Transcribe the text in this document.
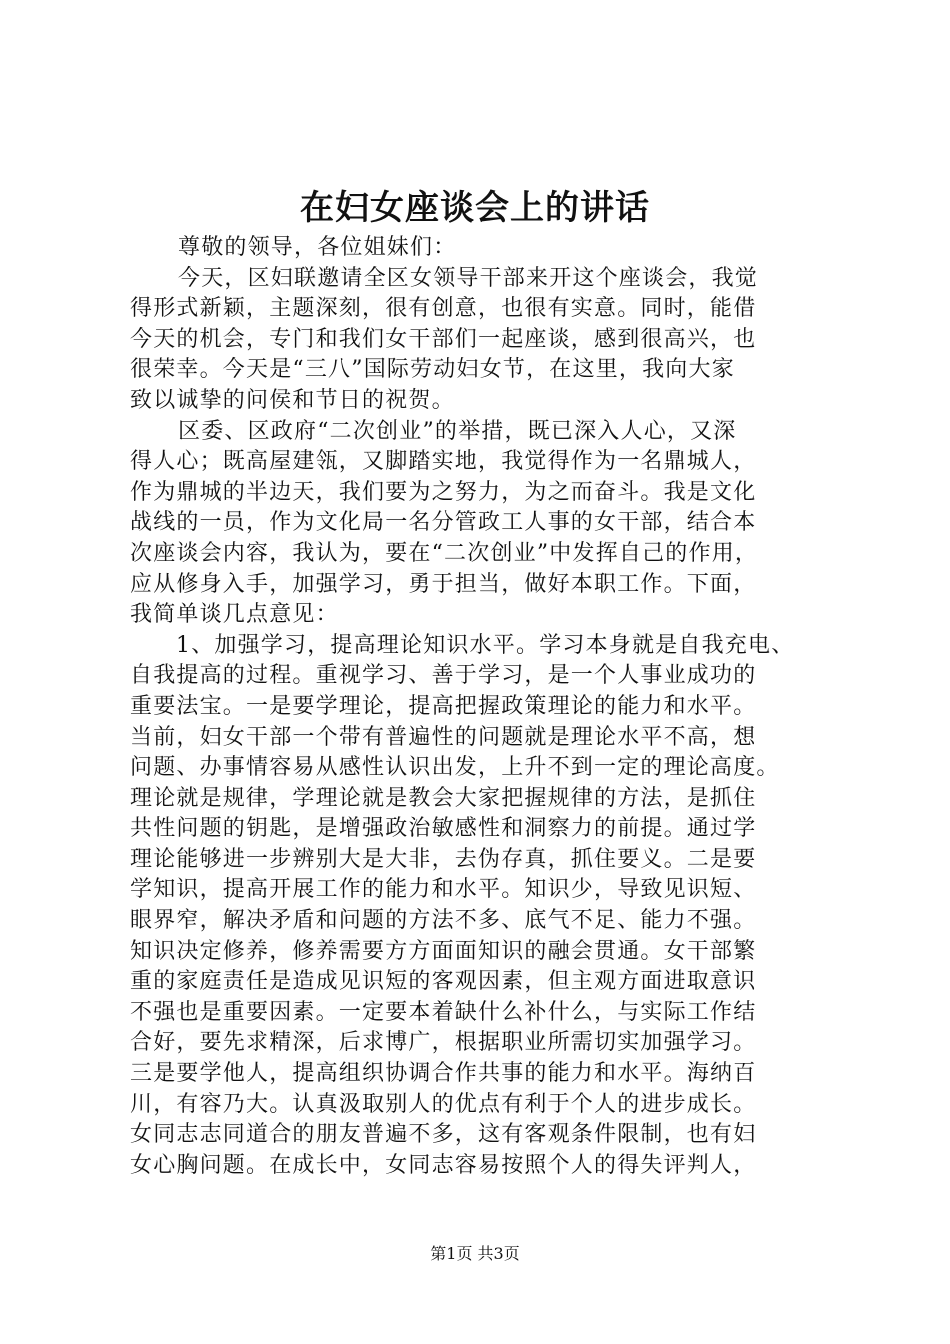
在妇女座谈会上的讲话
尊敬的领导，各位姐妹们：
今天，区妇联邀请全区女领导干部来开这个座谈会，我觉
得形式新颖，主题深刻，很有创意，也很有实意。同时，能借
今天的机会，专门和我们女干部们一起座谈，感到很高兴，也
很荣幸。今天是“三八”国际劳动妇女节，在这里，我向大家
致以诚挚的问侯和节日的祝贺。
区委、区政府“二次创业”的举措，既已深入人心，又深
得人心；既高屋建瓴，又脚踏实地，我觉得作为一名鼎城人，
作为鼎城的半边天，我们要为之努力，为之而奋斗。我是文化
战线的一员，作为文化局一名分管政工人事的女干部，结合本
次座谈会内容，我认为，要在“二次创业”中发挥自己的作用，
应从修身入手，加强学习，勇于担当，做好本职工作。下面，
我简单谈几点意见：
1、加强学习，提高理论知识水平。学习本身就是自我充电、
自我提高的过程。重视学习、善于学习，是一个人事业成功的
重要法宝。一是要学理论，提高把握政策理论的能力和水平。
当前，妇女干部一个带有普遍性的问题就是理论水平不高，想
问题、办事情容易从感性认识出发，上升不到一定的理论高度。
理论就是规律，学理论就是教会大家把握规律的方法，是抓住
共性问题的钥匙，是增强政治敏感性和洞察力的前提。通过学
理论能够进一步辨别大是大非，去伪存真，抓住要义。二是要
学知识，提高开展工作的能力和水平。知识少，导致见识短、
眼界窄，解决矛盾和问题的方法不多、底气不足、能力不强。
知识决定修养，修养需要方方面面知识的融会贯通。女干部繁
重的家庭责任是造成见识短的客观因素，但主观方面进取意识
不强也是重要因素。一定要本着缺什么补什么，与实际工作结
合好，要先求精深，后求博广，根据职业所需切实加强学习。
三是要学他人，提高组织协调合作共事的能力和水平。海纳百
川，有容乃大。认真汲取别人的优点有利于个人的进步成长。
女同志志同道合的朋友普遍不多，这有客观条件限制，也有妇
女心胸问题。在成长中，女同志容易按照个人的得失评判人，
第1页 共3页
